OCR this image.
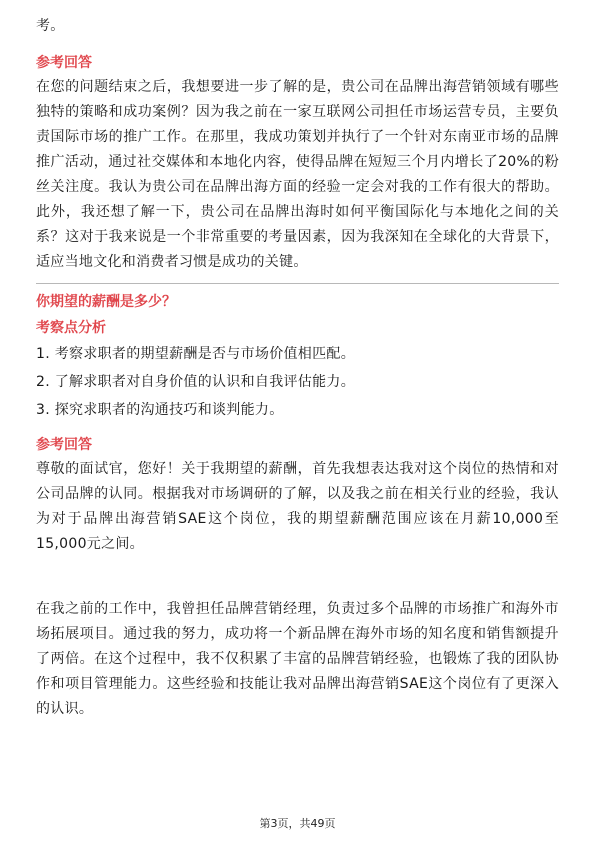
考。

参考回答

在您的问题结束之后，我想要进一步了解的是，贵公司在品牌出海营销领域有哪些独特的策略和成功案例？因为我之前在一家互联网公司担任市场运营专员，主要负责国际市场的推广工作。在那里，我成功策划并执行了一个针对东南亚市场的品牌推广活动，通过社交媒体和本地化内容，使得品牌在短短三个月内增长了20%的粉丝关注度。我认为贵公司在品牌出海方面的经验一定会对我的工作有很大的帮助。此外，我还想了解一下，贵公司在品牌出海时如何平衡国际化与本地化之间的关系？这对于我来说是一个非常重要的考量因素，因为我深知在全球化的大背景下，适应当地文化和消费者习惯是成功的关键。

你期望的薪酬是多少？

考察点分析

1. 考察求职者的期望薪酬是否与市场价值相匹配。

2. 了解求职者对自身价值的认识和自我评估能力。

3. 探究求职者的沟通技巧和谈判能力。

参考回答

尊敬的面试官，您好！关于我期望的薪酬，首先我想表达我对这个岗位的热情和对公司品牌的认同。根据我对市场调研的了解，以及我之前在相关行业的经验，我认为对于品牌出海营销SAE这个岗位，我的期望薪酬范围应该在月薪10,000至15,000元之间。

在我之前的工作中，我曾担任品牌营销经理，负责过多个品牌的市场推广和海外市场拓展项目。通过我的努力，成功将一个新品牌在海外市场的知名度和销售额提升了两倍。在这个过程中，我不仅积累了丰富的品牌营销经验，也锻炼了我的团队协作和项目管理能力。这些经验和技能让我对品牌出海营销SAE这个岗位有了更深入的认识。

第3页，共49页
